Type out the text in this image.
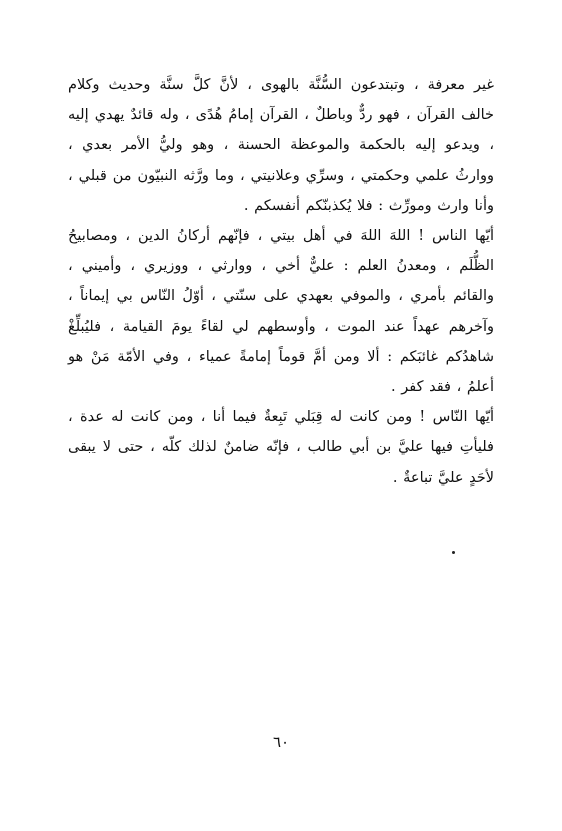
غير معرفة ، وتبتدعون السُّنَّة بالهوى ، لأنَّ كلَّ سنَّة وحديث وكلام خالف القرآن ، فهو ردٌّ وباطلٌ ، القرآن إمامُ هُدًى ، وله قائدٌ يهدي إليه ، ويدعو إليه بالحكمة والموعظة الحسنة ، وهو وليُّ الأمر بعدي ، ووارثُ علمي وحكمتي ، وسرِّي وعلانيتي ، وما ورَّثه النبيّون من قبلي ، وأنا وارث ومورِّث : فلا يُكذبنّكم أنفسكم .

أيّها الناس ! اللهَ اللهَ في أهل بيتي ، فإنّهم أركانُ الدين ، ومصابيحُ الظُّلَم ، ومعدنُ العلم : عليٌّ أخي ، ووارثي ، ووزيري ، وأميني ، والقائم بأمري ، والموفي بعهدي على سنّتي ، أوّلُ النّاس بي إيماناً ، وآخرهم عهداً عند الموت ، وأوسطهم لي لقاءً يومَ القيامة ، فليُبلِّغْ شاهدُكم غائبَكم : ألا ومن أمَّ قوماً إمامةً عمياء ، وفي الأمّة مَنْ هو أعلمُ ، فقد كفر .

أيّها النّاس ! ومن كانت له قِبَلي تَبِعةٌ فيما أنا ، ومن كانت له عدة ، فليأتِ فيها عليَّ بن أبي طالب ، فإنّه ضامنٌ لذلك كلّه ، حتى لا يبقى لأحَدٍ عليَّ تباعةٌ .

٦٠
